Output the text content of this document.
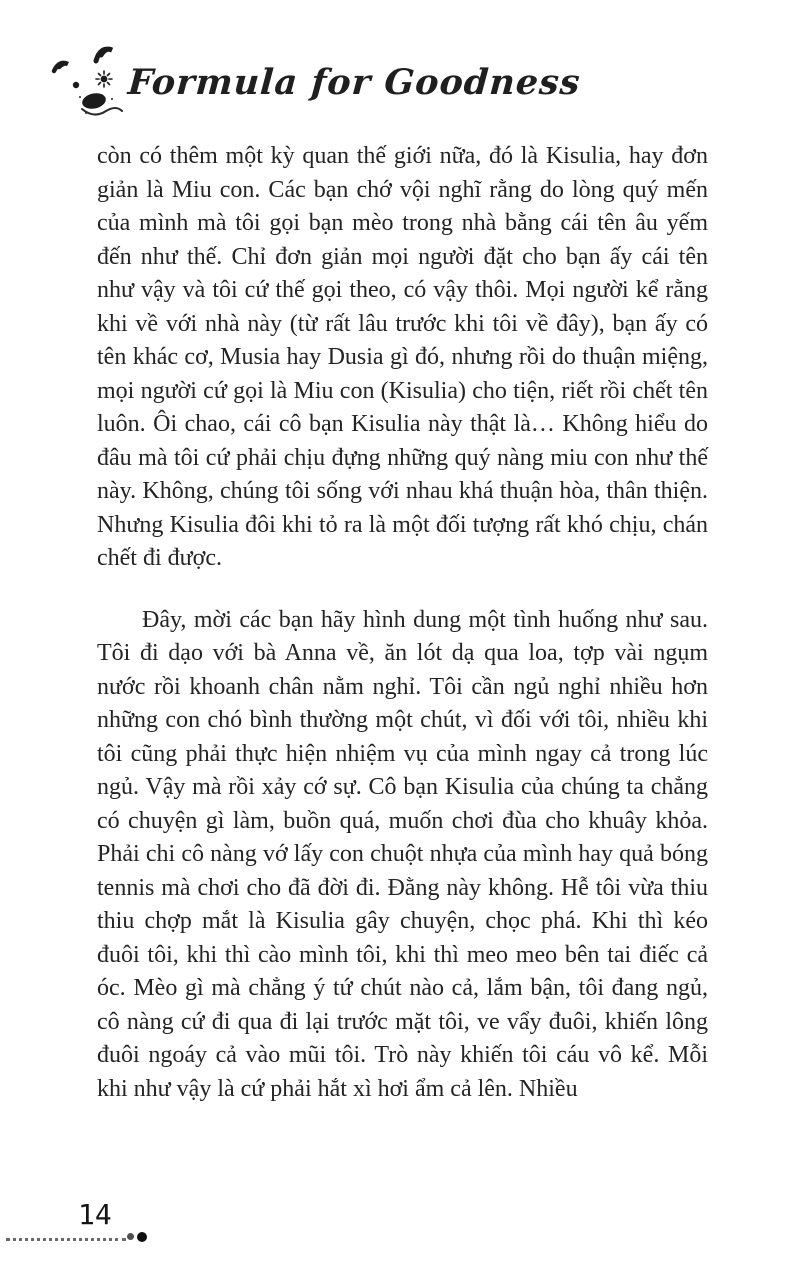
Formula for Goodness

còn có thêm một kỳ quan thế giới nữa, đó là Kisulia, hay đơn giản là Miu con. Các bạn chớ vội nghĩ rằng do lòng quý mến của mình mà tôi gọi bạn mèo trong nhà bằng cái tên âu yếm đến như thế. Chỉ đơn giản mọi người đặt cho bạn ấy cái tên như vậy và tôi cứ thế gọi theo, có vậy thôi. Mọi người kể rằng khi về với nhà này (từ rất lâu trước khi tôi về đây), bạn ấy có tên khác cơ, Musia hay Dusia gì đó, nhưng rồi do thuận miệng, mọi người cứ gọi là Miu con (Kisulia) cho tiện, riết rồi chết tên luôn. Ôi chao, cái cô bạn Kisulia này thật là… Không hiểu do đâu mà tôi cứ phải chịu đựng những quý nàng miu con như thế này. Không, chúng tôi sống với nhau khá thuận hòa, thân thiện. Nhưng Kisulia đôi khi tỏ ra là một đối tượng rất khó chịu, chán chết đi được.

Đây, mời các bạn hãy hình dung một tình huống như sau. Tôi đi dạo với bà Anna về, ăn lót dạ qua loa, tợp vài ngụm nước rồi khoanh chân nằm nghỉ. Tôi cần ngủ nghỉ nhiều hơn những con chó bình thường một chút, vì đối với tôi, nhiều khi tôi cũng phải thực hiện nhiệm vụ của mình ngay cả trong lúc ngủ. Vậy mà rồi xảy cớ sự. Cô bạn Kisulia của chúng ta chẳng có chuyện gì làm, buồn quá, muốn chơi đùa cho khuây khỏa. Phải chi cô nàng vớ lấy con chuột nhựa của mình hay quả bóng tennis mà chơi cho đã đời đi. Đằng này không. Hễ tôi vừa thiu thiu chợp mắt là Kisulia gây chuyện, chọc phá. Khi thì kéo đuôi tôi, khi thì cào mình tôi, khi thì meo meo bên tai điếc cả óc. Mèo gì mà chẳng ý tứ chút nào cả, lắm bận, tôi đang ngủ, cô nàng cứ đi qua đi lại trước mặt tôi, ve vẩy đuôi, khiến lông đuôi ngoáy cả vào mũi tôi. Trò này khiến tôi cáu vô kể. Mỗi khi như vậy là cứ phải hắt xì hơi ẩm cả lên. Nhiều

14
